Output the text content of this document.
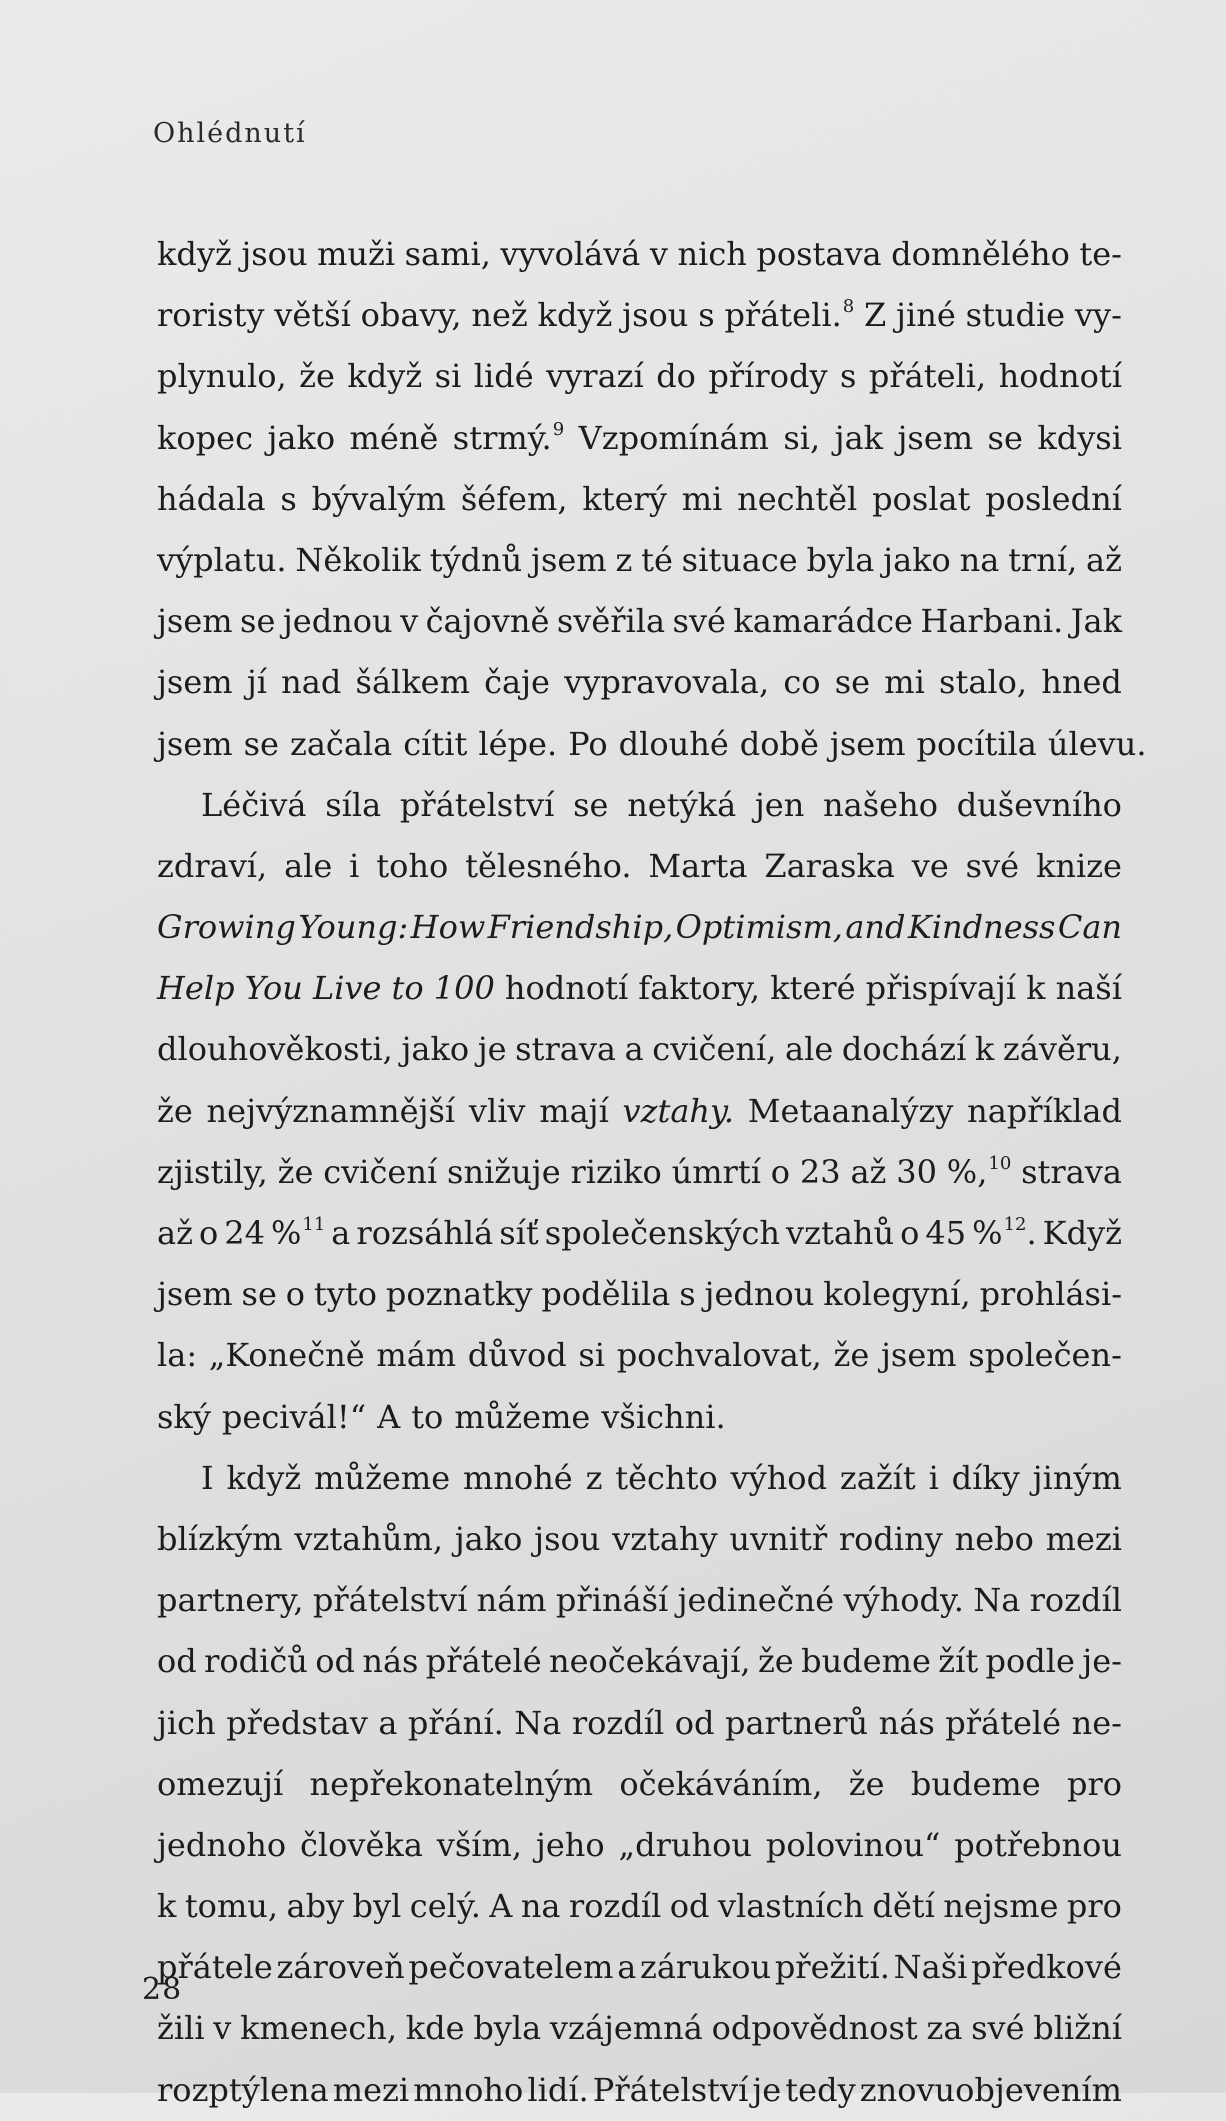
Ohlédnutí
když jsou muži sami, vyvolává v nich postava domnělého te-
roristy větší obavy, než když jsou s přáteli.$^8$ Z jiné studie vy-
plynulo, že když si lidé vyrazí do přírody s přáteli, hodnotí
kopec jako méně strmý.$^9$ Vzpomínám si, jak jsem se kdysi
hádala s bývalým šéfem, který mi nechtěl poslat poslední
výplatu. Několik týdnů jsem z té situace byla jako na trní, až
jsem se jednou v čajovně svěřila své kamarádce Harbani. Jak
jsem jí nad šálkem čaje vypravovala, co se mi stalo, hned
jsem se začala cítit lépe. Po dlouhé době jsem pocítila úlevu.
Léčivá síla přátelství se netýká jen našeho duševního
zdraví, ale i toho tělesného. Marta Zaraska ve své knize
Growing Young: How Friendship, Optimism, and Kindness Can
Help You Live to 100 hodnotí faktory, které přispívají k naší
dlouhověkosti, jako je strava a cvičení, ale dochází k závěru,
že nejvýznamnější vliv mají vztahy. Metaanalýzy například
zjistily, že cvičení snižuje riziko úmrtí o 23 až 30 %,$^{10}$ strava
až o 24 %$^{11}$ a rozsáhlá síť společenských vztahů o 45 %$^{12}$. Když
jsem se o tyto poznatky podělila s jednou kolegyní, prohlási-
la: „Konečně mám důvod si pochvalovat, že jsem společen-
ský pecivál!“ A to můžeme všichni.
I když můžeme mnohé z těchto výhod zažít i díky jiným
blízkým vztahům, jako jsou vztahy uvnitř rodiny nebo mezi
partnery, přátelství nám přináší jedinečné výhody. Na rozdíl
od rodičů od nás přátelé neočekávají, že budeme žít podle je-
jich představ a přání. Na rozdíl od partnerů nás přátelé ne-
omezují nepřekonatelným očekáváním, že budeme pro
jednoho člověka vším, jeho „druhou polovinou“ potřebnou
k tomu, aby byl celý. A na rozdíl od vlastních dětí nejsme pro
přátele zároveň pečovatelem a zárukou přežití. Naši předkové
žili v kmenech, kde byla vzájemná odpovědnost za své bližní
rozptýlena mezi mnoho lidí. Přátelství je tedy znovuobjevením
28
